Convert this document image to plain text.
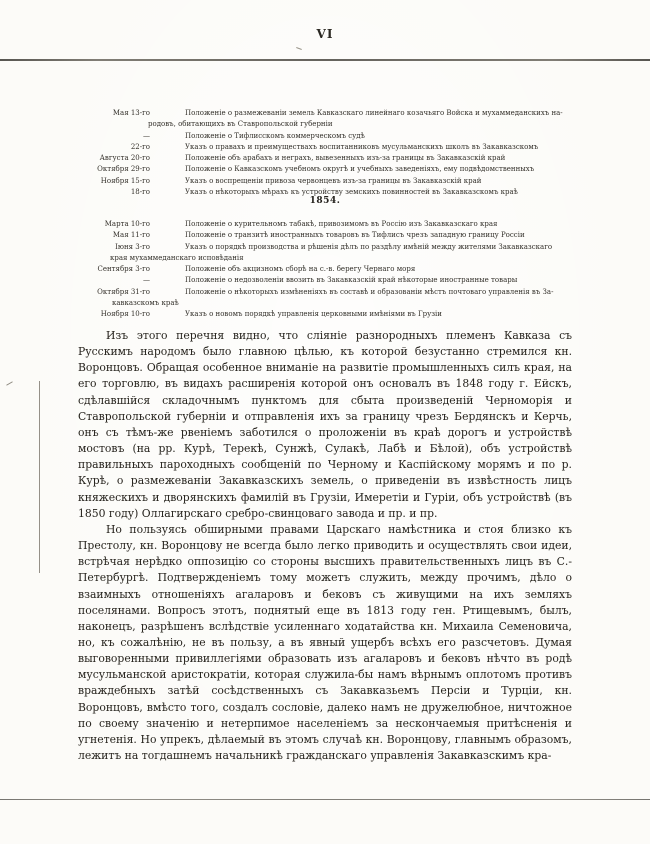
VI
Мая 13-го	Положеніе о размежеваніи земель Кавказскаго линейнаго козачьяго Войска и мухаммеданскихъ на-
родовъ, обитающихъ въ Ставропольской губерніи
—	Положеніе о Тифлисскомъ коммерческомъ судѣ
22-го	Указъ о правахъ и преимуществахъ воспитанниковъ мусульманскихъ школъ въ Закавказскомъ
Августа 20-го	Положеніе объ арабахъ и неграхъ, вывезенныхъ изъ-за границы въ Закавказскій край
Октября 29-го	Положеніе о Кавказскомъ учебномъ округѣ и учебныхъ заведеніяхъ, ему подвѣдомственныхъ
Ноября 15-го	Указъ о воспрещеніи привоза червонцевъ изъ-за границы въ Закавказскій край
18-го	Указъ о нѣкоторыхъ мѣрахъ къ устройству земскихъ повинностей въ Закавказскомъ краѣ
1854.
Марта 10-го	Положеніе о курительномъ табакѣ, привозимомъ въ Россію изъ Закавказскаго края
Мая 11-го	Положеніе о транзитѣ иностранныхъ товаровъ въ Тифлисъ чрезъ западную границу Россіи
Іюня 3-го	Указъ о порядкѣ производства и рѣшенія дѣлъ по раздѣлу имѣній между жителями Закавказскаго
края мухаммеданскаго исповѣданія
Сентября 3-го	Положеніе объ акцизномъ сборѣ на с.-в. берегу Чернаго моря
—	Положеніе о недозволеніи ввозить въ Закавказскій край нѣкоторые иностранные товары
Октября 31-го	Положеніе о нѣкоторыхъ измѣненіяхъ въ составѣ и образованіи мѣстъ почтоваго управленія въ За-
кавказскомъ краѣ
Ноября 10-го	Указъ о новомъ порядкѣ управленія церковными имѣніями въ Грузіи

Изъ этого перечня видно, что сліяніе разнородныхъ племенъ Кавказа съ Русскимъ народомъ было главною цѣлью, къ которой безустанно стремился кн. Воронцовъ. Обращая особенное вниманіе на развитіе промышленныхъ силъ края, на его торговлю, въ видахъ расширенія которой онъ основалъ въ 1848 году г. Ейскъ, сдѣлавшійся складочнымъ пунктомъ для сбыта произведеній Черноморія и Ставропольской губерніи и отправленія ихъ за границу чрезъ Бердянскъ и Керчь, онъ съ тѣмъ-же рвеніемъ заботился о проложеніи въ краѣ дорогъ и устройствѣ мостовъ (на рр. Курѣ, Терекѣ, Сунжѣ, Сулакѣ, Лабѣ и Бѣлой), объ устройствѣ правильныхъ пароходныхъ сообщеній по Черному и Каспійскому морямъ и по р. Курѣ, о размежеваніи Закавказскихъ земель, о приведеніи въ извѣстность лицъ княжескихъ и дворянскихъ фамилій въ Грузіи, Имеретіи и Гуріи, объ устройствѣ (въ 1850 году) Оллагирскаго сребро-свинцоваго завода и пр. и пр.

Но пользуясь обширными правами Царскаго намѣстника и стоя близко къ Престолу, кн. Воронцову не всегда было легко приводить и осуществлять свои идеи, встрѣчая нерѣдко оппозицію со стороны высшихъ правительственныхъ лицъ въ С.-Петербургѣ. Подтвержденіемъ тому можетъ служить, между прочимъ, дѣло о взаимныхъ отношеніяхъ агаларовъ и бековъ съ живущими на ихъ земляхъ поселянами. Вопросъ этотъ, поднятый еще въ 1813 году ген. Ртищевымъ, былъ, наконецъ, разрѣшенъ вслѣдствіе усиленнаго ходатайства кн. Михаила Семеновича, но, къ сожалѣнію, не въ пользу, а въ явный ущербъ всѣхъ его разсчетовъ. Думая выговоренными привиллегіями образовать изъ агаларовъ и бековъ нѣчто въ родѣ мусульманской аристократіи, которая служила-бы намъ вѣрнымъ оплотомъ противъ враждебныхъ затѣй сосѣдственныхъ съ Закавказьемъ Персіи и Турціи, кн. Воронцовъ, вмѣсто того, создалъ сословіе, далеко намъ не дружелюбное, ничтожное по своему значенію и нетерпимое населеніемъ за нескончаемыя притѣсненія и угнетенія. Но упрекъ, дѣлаемый въ этомъ случаѣ кн. Воронцову, главнымъ образомъ, лежитъ на тогдашнемъ начальникѣ гражданскаго управленія Закавказскимъ кра-
